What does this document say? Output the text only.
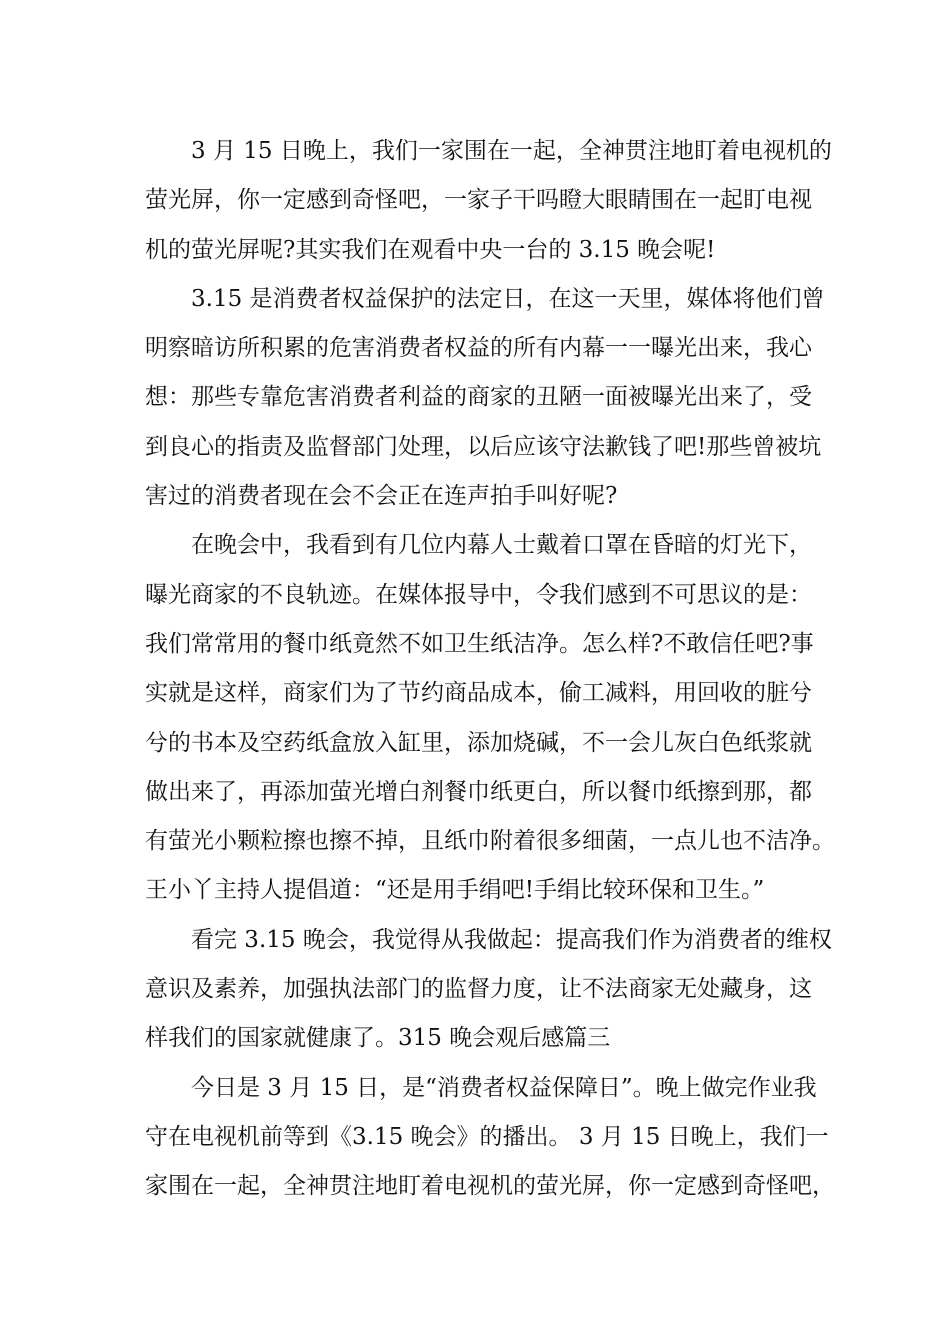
3 月 15 日晚上，我们一家围在一起，全神贯注地盯着电视机的
萤光屏，你一定感到奇怪吧，一家子干吗瞪大眼睛围在一起盯电视
机的萤光屏呢?其实我们在观看中央一台的 3.15 晚会呢!

3.15 是消费者权益保护的法定日，在这一天里，媒体将他们曾
明察暗访所积累的危害消费者权益的所有内幕一一曝光出来，我心
想：那些专靠危害消费者利益的商家的丑陋一面被曝光出来了，受
到良心的指责及监督部门处理，以后应该守法歉钱了吧!那些曾被坑
害过的消费者现在会不会正在连声拍手叫好呢?

在晚会中，我看到有几位内幕人士戴着口罩在昏暗的灯光下，
曝光商家的不良轨迹。在媒体报导中，令我们感到不可思议的是：
我们常常用的餐巾纸竟然不如卫生纸洁净。怎么样?不敢信任吧?事
实就是这样，商家们为了节约商品成本，偷工减料，用回收的脏兮
兮的书本及空药纸盒放入缸里，添加烧碱，不一会儿灰白色纸浆就
做出来了，再添加萤光增白剂餐巾纸更白，所以餐巾纸擦到那，都
有萤光小颗粒擦也擦不掉，且纸巾附着很多细菌，一点儿也不洁净。
王小丫主持人提倡道：“还是用手绢吧!手绢比较环保和卫生。”

看完 3.15 晚会，我觉得从我做起：提高我们作为消费者的维权
意识及素养，加强执法部门的监督力度，让不法商家无处藏身，这
样我们的国家就健康了。315 晚会观后感篇三

今日是 3 月 15 日，是“消费者权益保障日”。晚上做完作业我
守在电视机前等到《3.15 晚会》的播出。 3 月 15 日晚上，我们一
家围在一起，全神贯注地盯着电视机的萤光屏，你一定感到奇怪吧，
